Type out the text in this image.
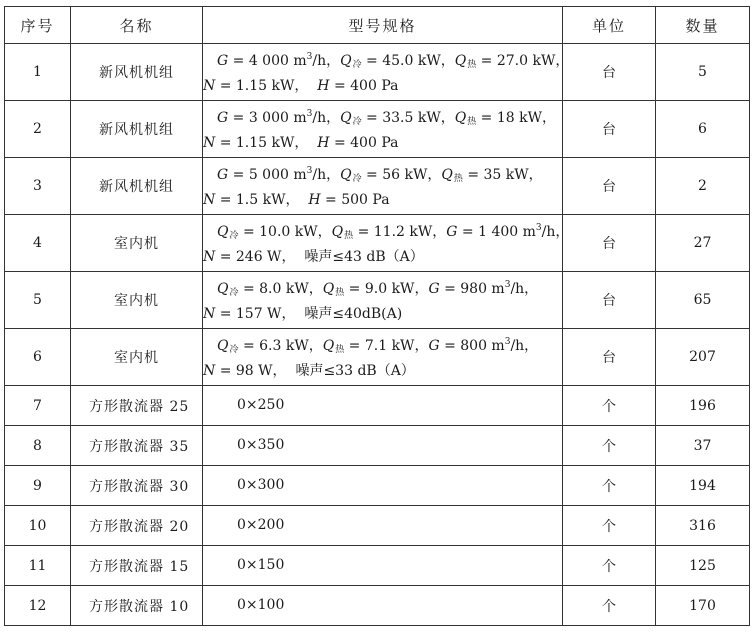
序号	名称	型号规格	单位	数量
1	新风机机组	G = 4 000 $m^3/h$，$Q_冷 = 45.0$ kW，$Q_热 = 27.0$ kW，
N = 1.15 kW， H = 400 Pa	台	5
2	新风机机组	G = 3 000 $m^3/h$，$Q_冷 = 33.5$ kW，$Q_热 = 18$ kW，
N = 1.15 kW， H = 400 Pa	台	6
3	新风机机组	G = 5 000 $m^3/h$，$Q_冷 = 56$ kW，$Q_热 = 35$ kW，
N = 1.5 kW， H = 500 Pa	台	2
4	室内机	$Q_冷 = 10.0$ kW，$Q_热 = 11.2$ kW，G = 1 400 $m^3/h$，
N = 246 W， 噪声≤43 dB（A）	台	27
5	室内机	$Q_冷 = 8.0$ kW，$Q_热 = 9.0$ kW，G = 980 $m^3/h$，
N = 157 W， 噪声≤40dB(A)	台	65
6	室内机	$Q_冷 = 6.3$ kW，$Q_热 = 7.1$ kW，G = 800 $m^3/h$，
N = 98 W， 噪声≤33 dB（A）	台	207
7	方形散流器 25	0×250	个	196
8	方形散流器 35	0×350	个	37
9	方形散流器 30	0×300	个	194
10	方形散流器 20	0×200	个	316
11	方形散流器 15	0×150	个	125
12	方形散流器 10	0×100	个	170
